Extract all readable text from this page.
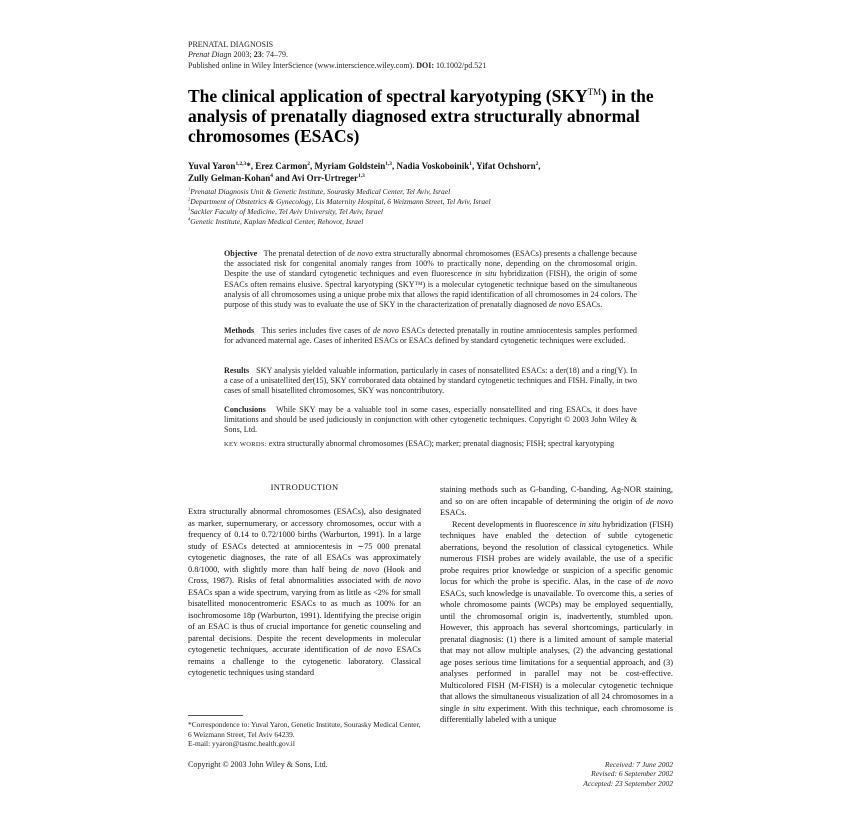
PRENATAL DIAGNOSIS
Prenat Diagn 2003; 23: 74–79.
Published online in Wiley InterScience (www.interscience.wiley.com). DOI: 10.1002/pd.521
The clinical application of spectral karyotyping (SKY™) in the analysis of prenatally diagnosed extra structurally abnormal chromosomes (ESACs)
Yuval Yaron$^{1,2,3}$*, Erez Carmon$^2$, Myriam Goldstein$^{1,3}$, Nadia Voskoboinik$^1$, Yifat Ochshorn$^2$,
Zully Gelman-Kohan$^4$ and Avi Orr-Urtreger$^{1,3}$
$^1$Prenatal Diagnosis Unit & Genetic Institute, Sourasky Medical Center, Tel Aviv, Israel
$^2$Department of Obstetrics & Gynecology, Lis Maternity Hospital, 6 Weizmann Street, Tel Aviv, Israel
$^3$Sackler Faculty of Medicine, Tel Aviv University, Tel Aviv, Israel
$^4$Genetic Institute, Kaplan Medical Center, Rehovot, Israel
Objective The prenatal detection of de novo extra structurally abnormal chromosomes (ESACs) presents a challenge because the associated risk for congenital anomaly ranges from 100% to practically none, depending on the chromosomal origin. Despite the use of standard cytogenetic techniques and even fluorescence in situ hybridization (FISH), the origin of some ESACs often remains elusive. Spectral karyotyping (SKY™) is a molecular cytogenetic technique based on the simultaneous analysis of all chromosomes using a unique probe mix that allows the rapid identification of all chromosomes in 24 colors. The purpose of this study was to evaluate the use of SKY in the characterization of prenatally diagnosed de novo ESACs.
Methods This series includes five cases of de novo ESACs detected prenatally in routine amniocentesis samples performed for advanced maternal age. Cases of inherited ESACs or ESACs defined by standard cytogenetic techniques were excluded.
Results SKY analysis yielded valuable information, particularly in cases of nonsatellited ESACs: a der(18) and a ring(Y). In a case of a unisatellited der(15), SKY corroborated data obtained by standard cytogenetic techniques and FISH. Finally, in two cases of small bisatellited chromosomes, SKY was noncontributory.
Conclusions While SKY may be a valuable tool in some cases, especially nonsatellited and ring ESACs, it does have limitations and should be used judiciously in conjunction with other cytogenetic techniques. Copyright © 2003 John Wiley & Sons, Ltd.
KEY WORDS: extra structurally abnormal chromosomes (ESAC); marker; prenatal diagnosis; FISH; spectral karyotyping
INTRODUCTION

Extra structurally abnormal chromosomes (ESACs), also designated as marker, supernumerary, or accessory chromosomes, occur with a frequency of 0.14 to 0.72/1000 births (Warburton, 1991). In a large study of ESACs detected at amniocentesis in ∼75 000 prenatal cytogenetic diagnoses, the rate of all ESACs was approximately 0.8/1000, with slightly more than half being de novo (Hook and Cross, 1987). Risks of fetal abnormalities associated with de novo ESACs span a wide spectrum, varying from as little as <2% for small bisatellited monocentromeric ESACs to as much as 100% for an isochromosome 18p (Warburton, 1991). Identifying the precise origin of an ESAC is thus of crucial importance for genetic counseling and parental decisions. Despite the recent developments in molecular cytogenetic techniques, accurate identification of de novo ESACs remains a challenge to the cytogenetic laboratory. Classical cytogenetic techniques using standard

staining methods such as G-banding, C-banding, Ag-NOR staining, and so on are often incapable of determining the origin of de novo ESACs.

Recent developments in fluorescence in situ hybridization (FISH) techniques have enabled the detection of subtle cytogenetic aberrations, beyond the resolution of classical cytogenetics. While numerous FISH probes are widely available, the use of a specific probe requires prior knowledge or suspicion of a specific genomic locus for which the probe is specific. Alas, in the case of de novo ESACs, such knowledge is unavailable. To overcome this, a series of whole chromosome paints (WCPs) may be employed sequentially, until the chromosomal origin is, inadvertently, stumbled upon. However, this approach has several shortcomings, particularly in prenatal diagnosis: (1) there is a limited amount of sample material that may not allow multiple analyses, (2) the advancing gestational age poses serious time limitations for a sequential approach, and (3) analyses performed in parallel may not be cost-effective. Multicolored FISH (M-FISH) is a molecular cytogenetic technique that allows the simultaneous visualization of all 24 chromosomes in a single in situ experiment. With this technique, each chromosome is differentially labeled with a unique

*Correspondence to: Yuval Yaron, Genetic Institute, Sourasky Medical Center, 6 Weizmann Street, Tel Aviv 64239.
E-mail: yyaron@tasmc.health.gov.il
Copyright © 2003 John Wiley & Sons, Ltd.	Received: 7 June 2002
Revised: 6 September 2002
Accepted: 23 September 2002
